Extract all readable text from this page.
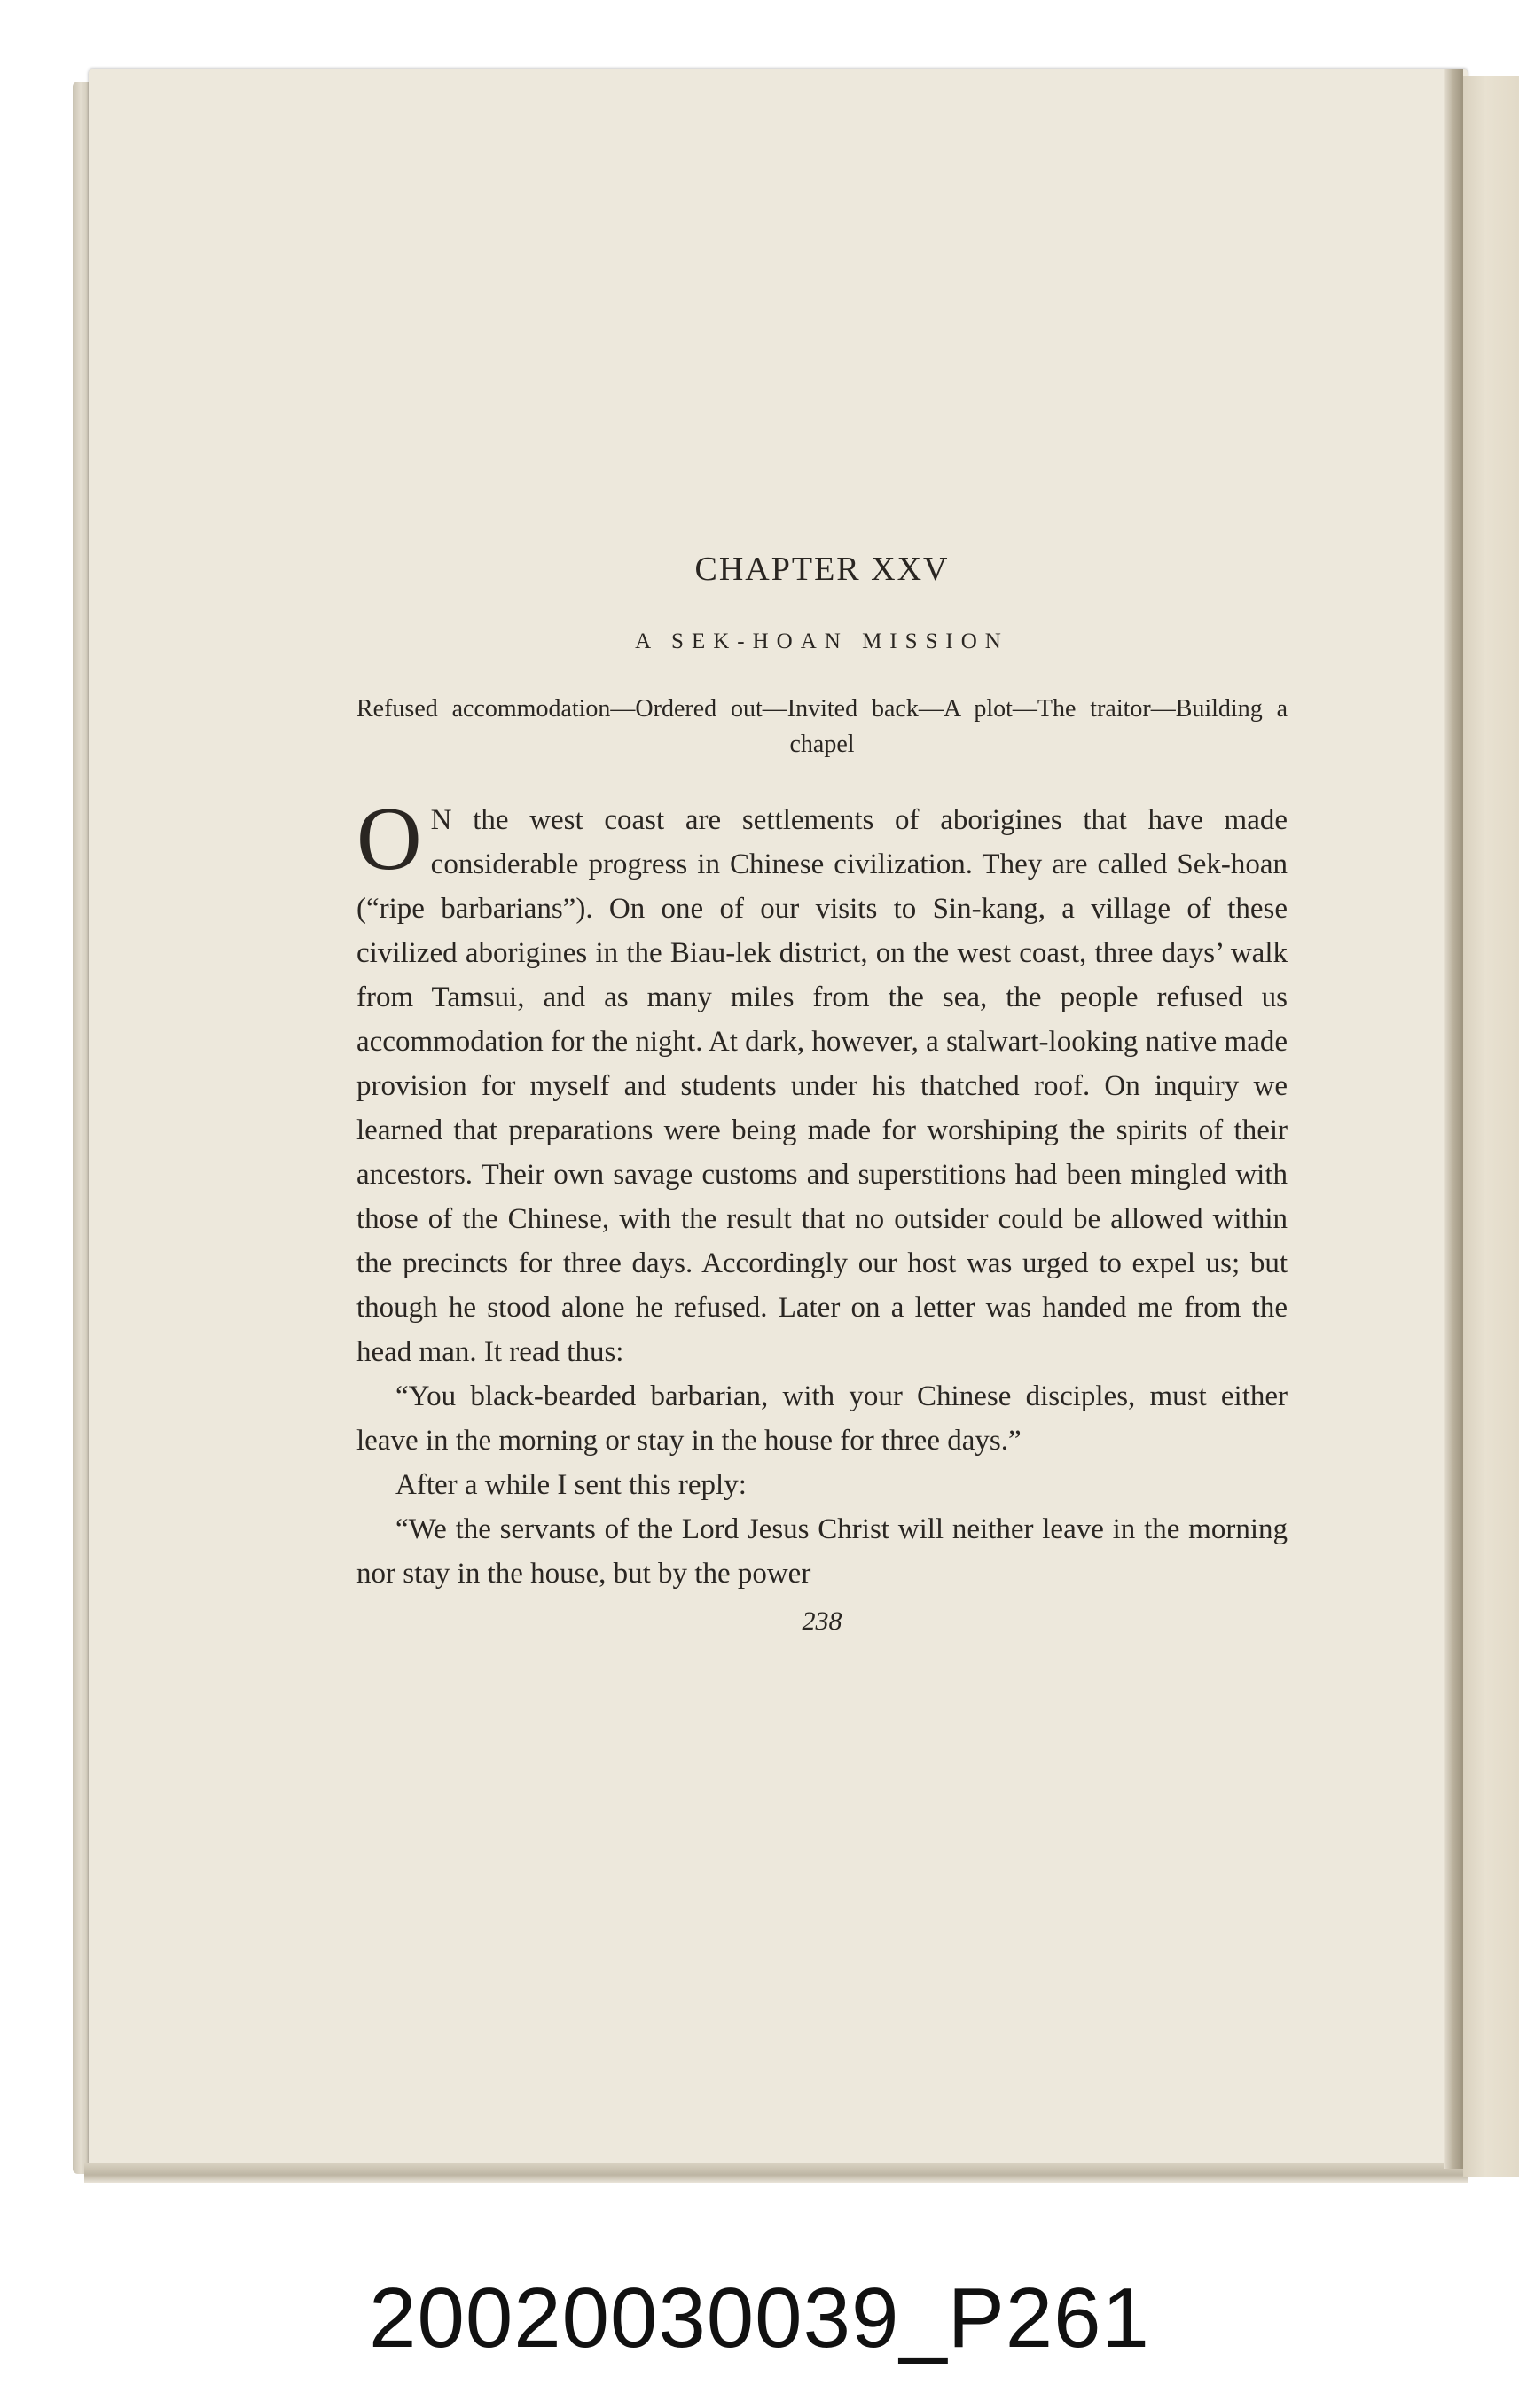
CHAPTER XXV
A SEK-HOAN MISSION

Refused accommodation—Ordered out—Invited back—A plot—The traitor—Building a chapel

O N the west coast are settlements of aborigines that have made considerable progress in Chinese civilization. They are called Sek-hoan (“ripe barbarians”). On one of our visits to Sin-kang, a village of these civilized aborigines in the Biau-lek district, on the west coast, three days’ walk from Tamsui, and as many miles from the sea, the people refused us accommodation for the night. At dark, however, a stalwart-looking native made provision for myself and students under his thatched roof. On inquiry we learned that preparations were being made for worshiping the spirits of their ancestors. Their own savage customs and superstitions had been mingled with those of the Chinese, with the result that no outsider could be allowed within the precincts for three days. Accordingly our host was urged to expel us; but though he stood alone he refused. Later on a letter was handed me from the head man. It read thus:

“You black-bearded barbarian, with your Chinese disciples, must either leave in the morning or stay in the house for three days.”

After a while I sent this reply:

“We the servants of the Lord Jesus Christ will neither leave in the morning nor stay in the house, but by the power

238
20020030039_P261
